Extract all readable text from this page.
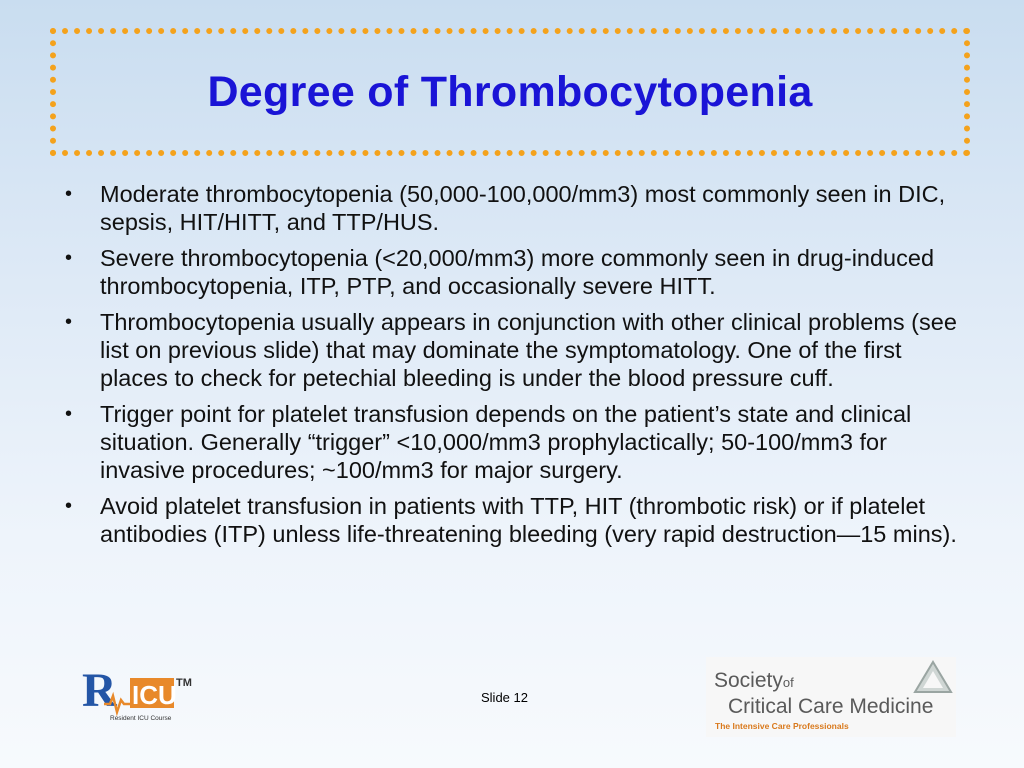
Degree of Thrombocytopenia
•	Moderate thrombocytopenia (50,000-100,000/mm3) most commonly seen in DIC, sepsis, HIT/HITT, and TTP/HUS.
•	Severe thrombocytopenia (<20,000/mm3) more commonly seen in drug-induced thrombocytopenia, ITP, PTP, and occasionally severe HITT.
•	Thrombocytopenia usually appears in conjunction with other clinical problems (see list on previous slide) that may dominate the symptomatology. One of the first places to check for petechial bleeding is under the blood pressure cuff.
•	Trigger point for platelet transfusion depends on the patient’s state and clinical situation. Generally “trigger” <10,000/mm3 prophylactically; 50-100/mm3 for invasive procedures; ~100/mm3 for major surgery.
•	Avoid platelet transfusion in patients with TTP, HIT (thrombotic risk) or if platelet antibodies (ITP) unless life-threatening bleeding (very rapid destruction—15 mins).
R ICU TM
Resident ICU Course
Slide 12
Societyof
Critical Care Medicine
The Intensive Care Professionals
